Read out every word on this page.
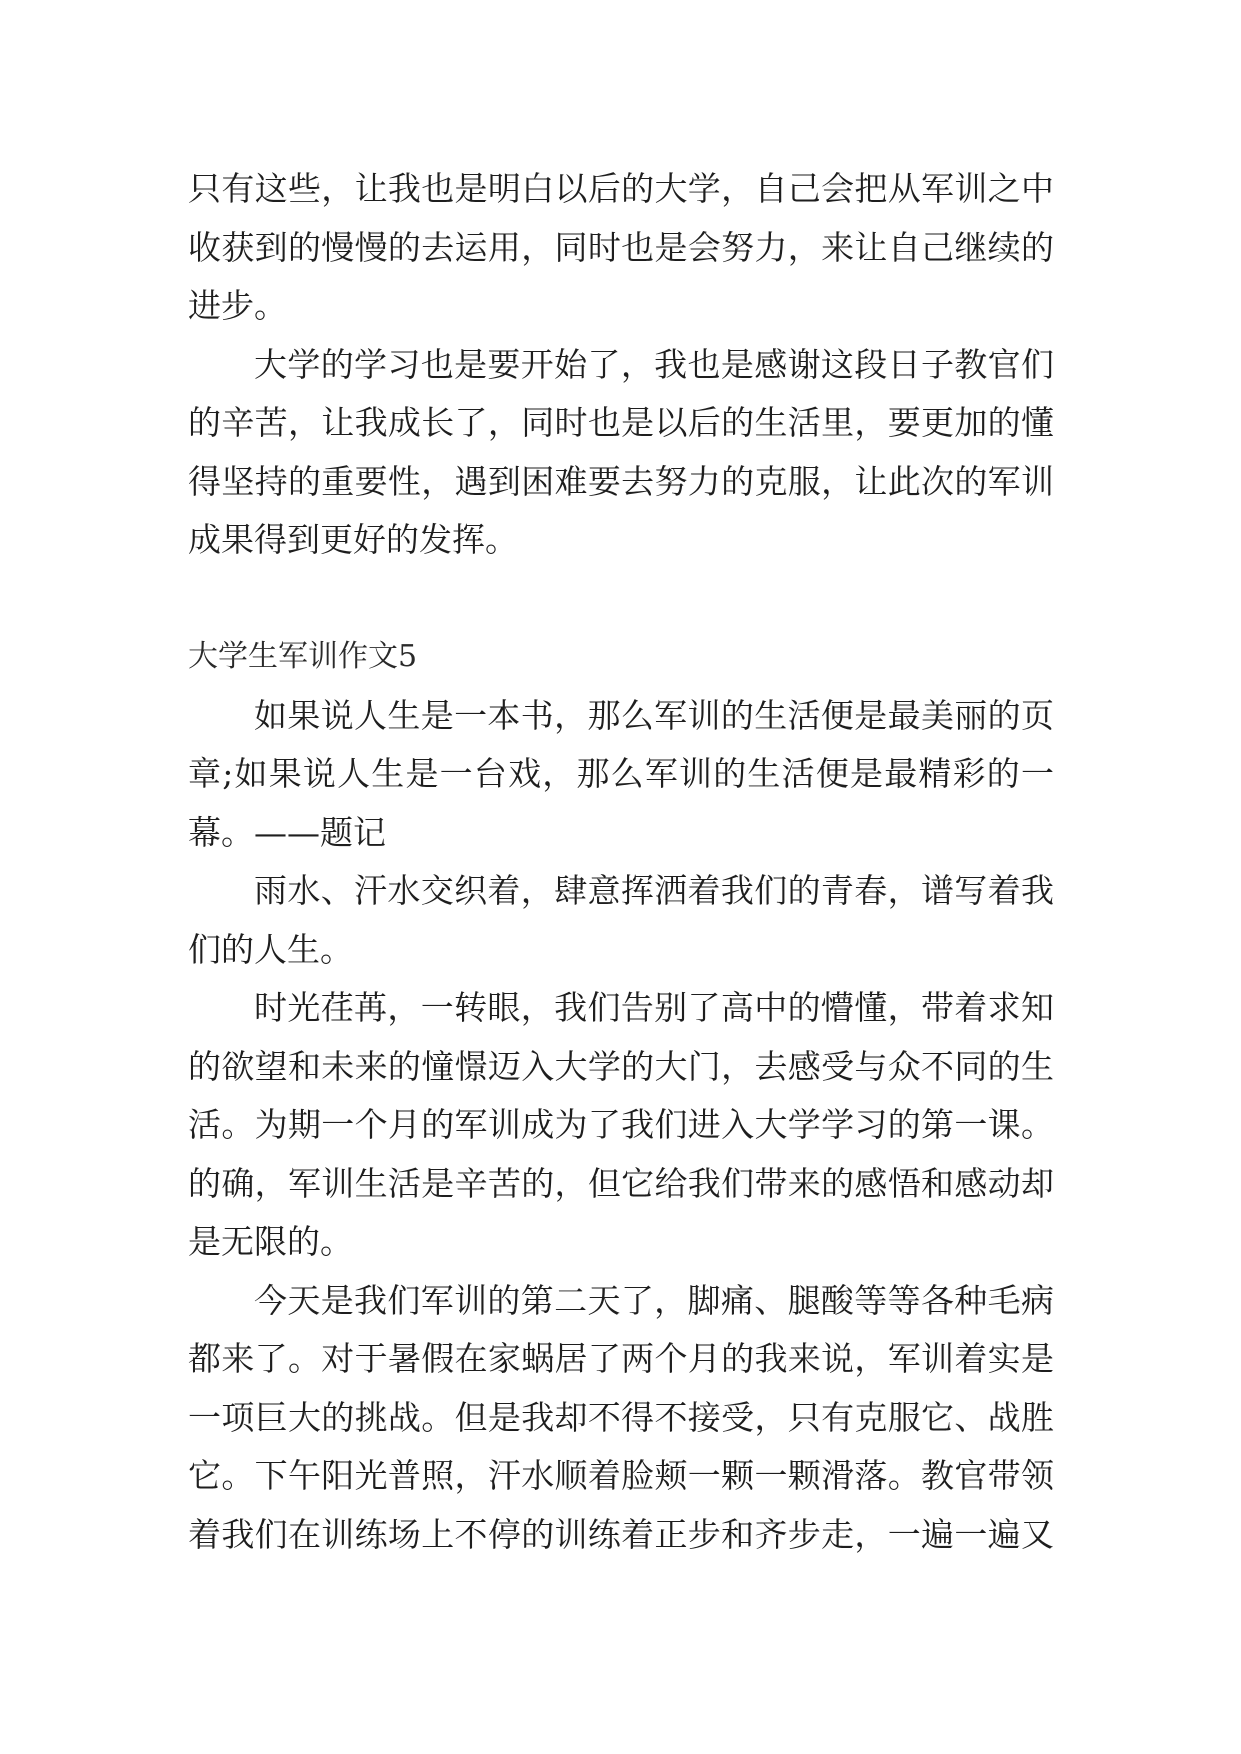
只有这些，让我也是明白以后的大学，自己会把从军训之中
收获到的慢慢的去运用，同时也是会努力，来让自己继续的
进步。
大学的学习也是要开始了，我也是感谢这段日子教官们
的辛苦，让我成长了，同时也是以后的生活里，要更加的懂
得坚持的重要性，遇到困难要去努力的克服，让此次的军训
成果得到更好的发挥。
大学生军训作文5
如果说人生是一本书，那么军训的生活便是最美丽的页
章;如果说人生是一台戏，那么军训的生活便是最精彩的一
幕。——题记
雨水、汗水交织着，肆意挥洒着我们的青春，谱写着我
们的人生。
时光荏苒，一转眼，我们告别了高中的懵懂，带着求知
的欲望和未来的憧憬迈入大学的大门，去感受与众不同的生
活。为期一个月的军训成为了我们进入大学学习的第一课。
的确，军训生活是辛苦的，但它给我们带来的感悟和感动却
是无限的。
今天是我们军训的第二天了，脚痛、腿酸等等各种毛病
都来了。对于暑假在家蜗居了两个月的我来说，军训着实是
一项巨大的挑战。但是我却不得不接受，只有克服它、战胜
它。下午阳光普照，汗水顺着脸颊一颗一颗滑落。教官带领
着我们在训练场上不停的训练着正步和齐步走，一遍一遍又
